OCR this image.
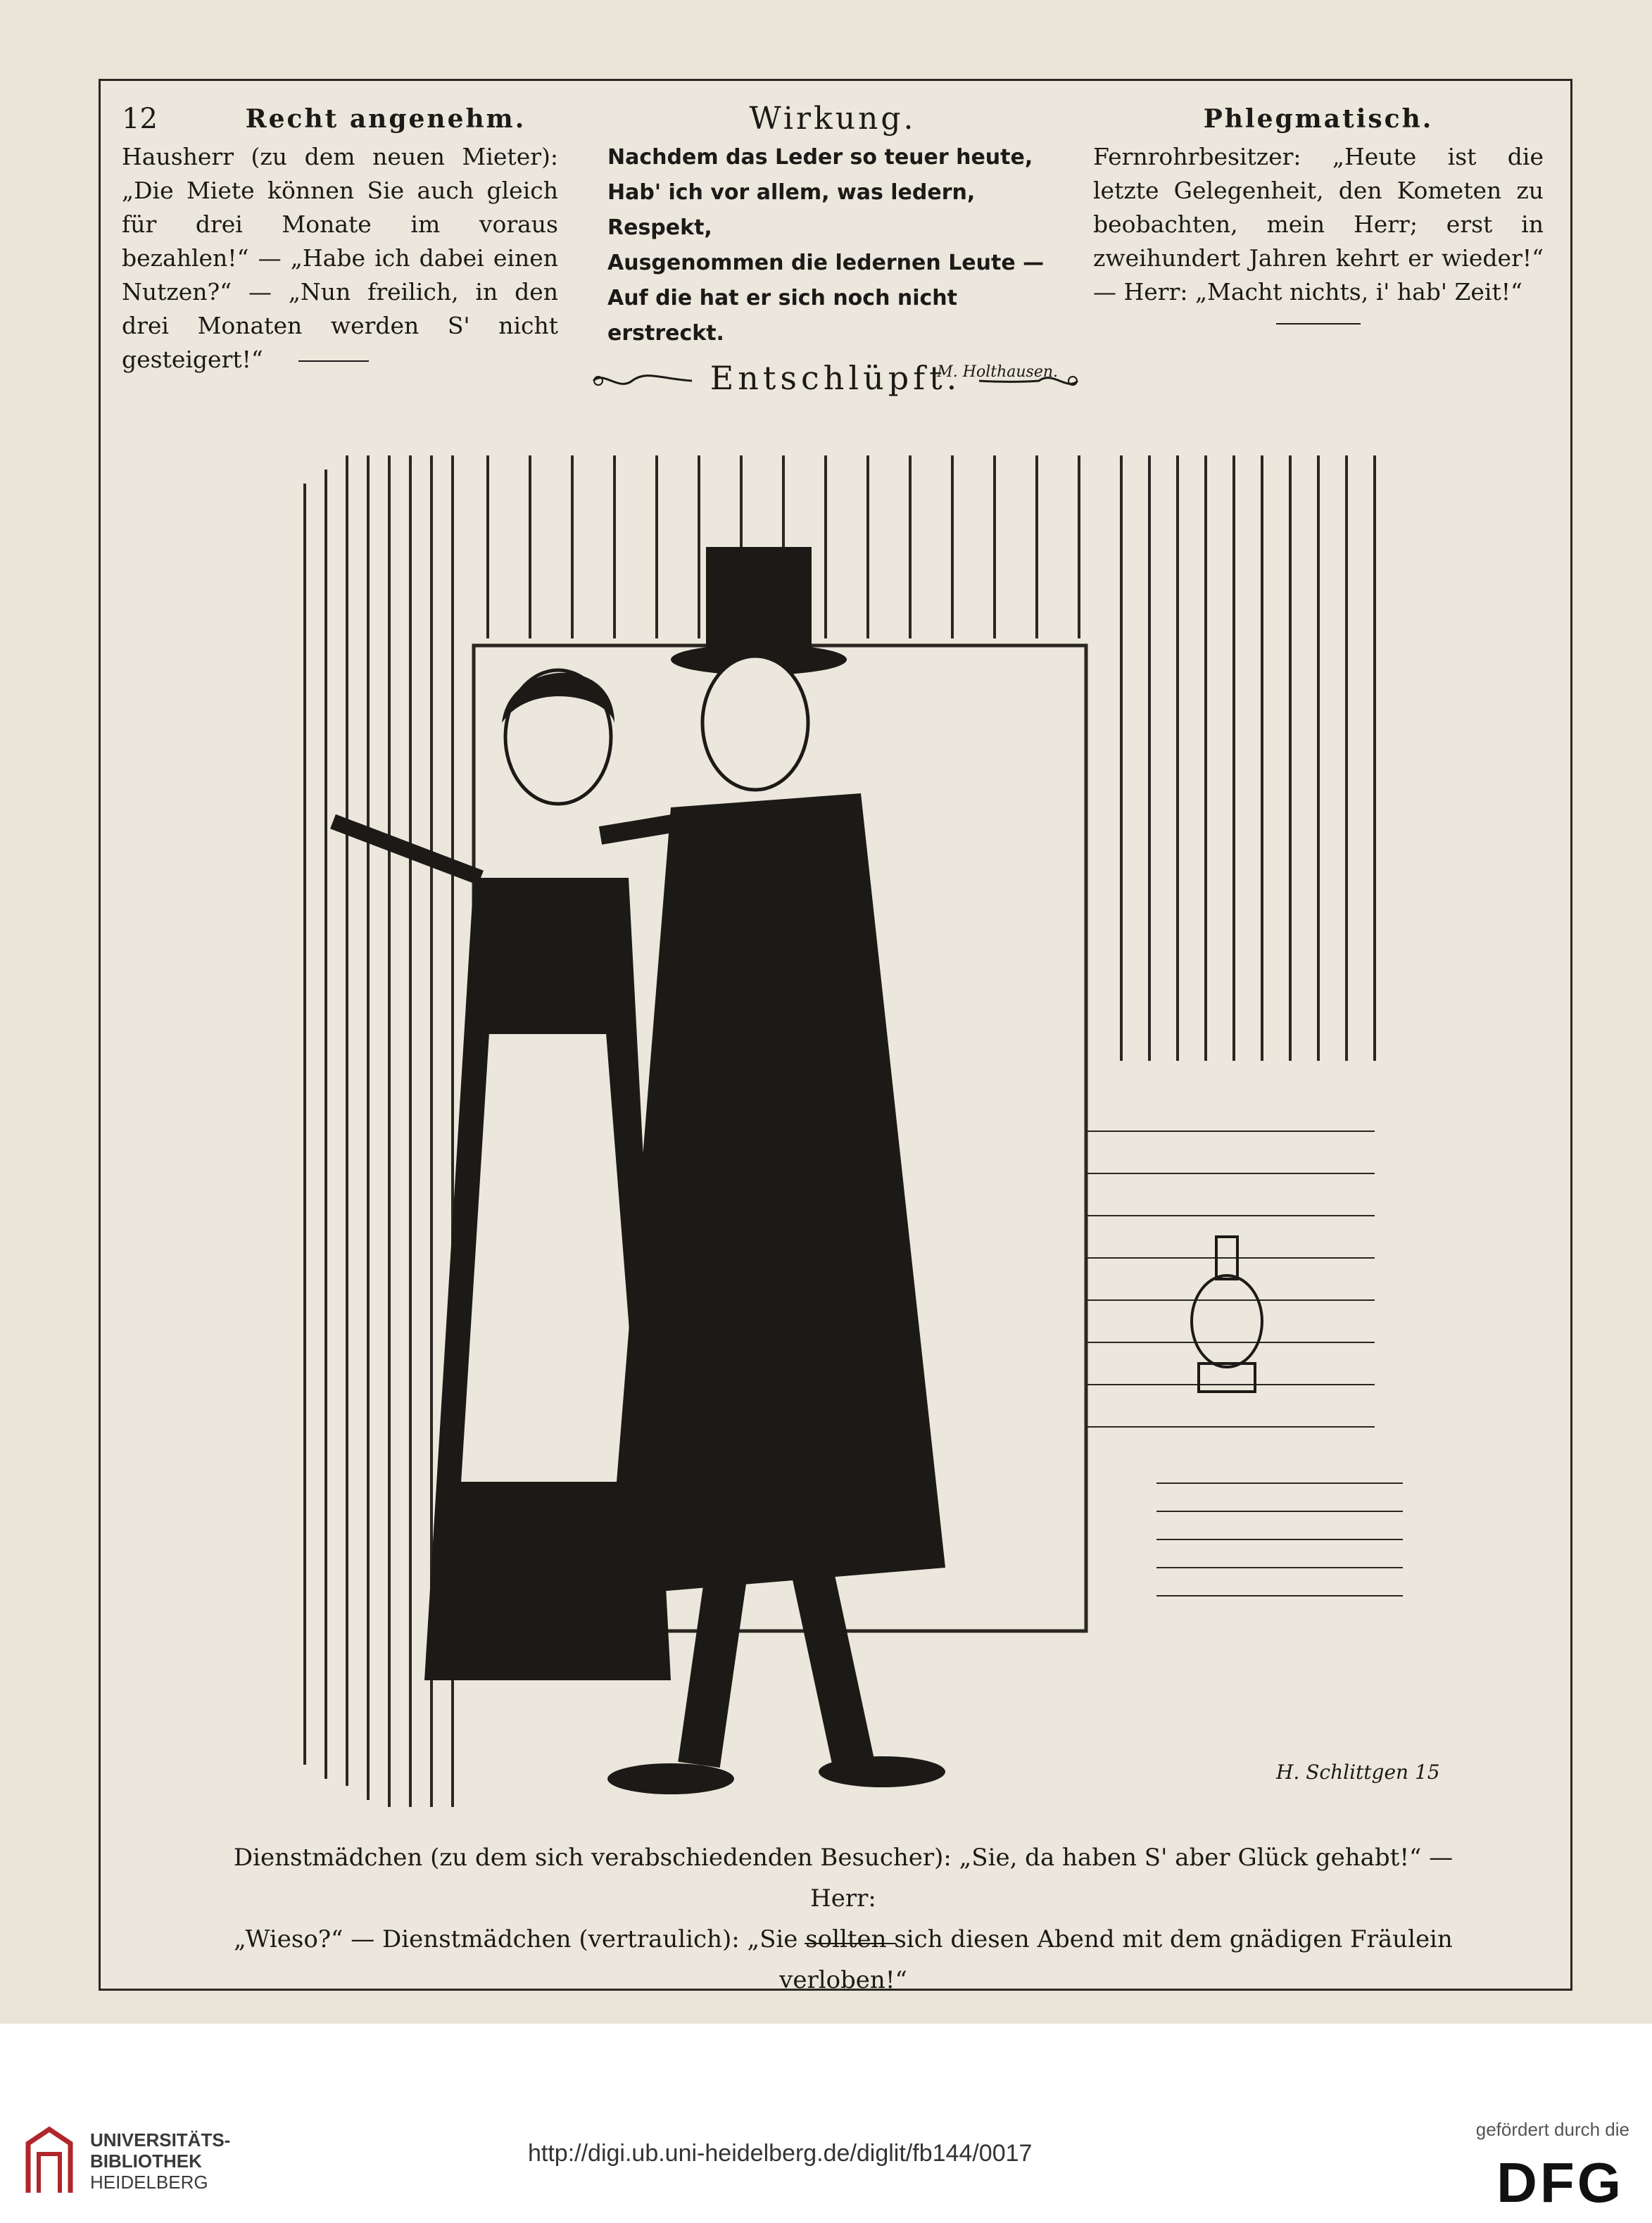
12	Recht angenehm.
Hausherr (zu dem neuen Mieter): „Die Miete können Sie auch gleich für drei Monate im voraus bezahlen!“ — „Habe ich dabei einen Nutzen?“ — „Nun freilich, in den drei Monaten werden S' nicht gesteigert!“
Wirkung.
Nachdem das Leder so teuer heute,
Hab' ich vor allem, was ledern, Respekt,
Ausgenommen die ledernen Leute —
Auf die hat er sich noch nicht erstreckt.
M. Holthausen.
Phlegmatisch.
Fernrohrbesitzer: „Heute ist die letzte Gelegenheit, den Kometen zu beobachten, mein Herr; erst in zweihundert Jahren kehrt er wieder!“ — Herr: „Macht nichts, i' hab' Zeit!“
Entschlüpft.
H. Schlittgen 15
Dienstmädchen (zu dem sich verabschiedenden Besucher): „Sie, da haben S' aber Glück gehabt!“ — Herr:
„Wieso?“ — Dienstmädchen (vertraulich): „Sie sollten sich diesen Abend mit dem gnädigen Fräulein verloben!“
UNIVERSITÄTS-
BIBLIOTHEK
HEIDELBERG
http://digi.ub.uni-heidelberg.de/diglit/fb144/0017
gefördert durch die
DFG
